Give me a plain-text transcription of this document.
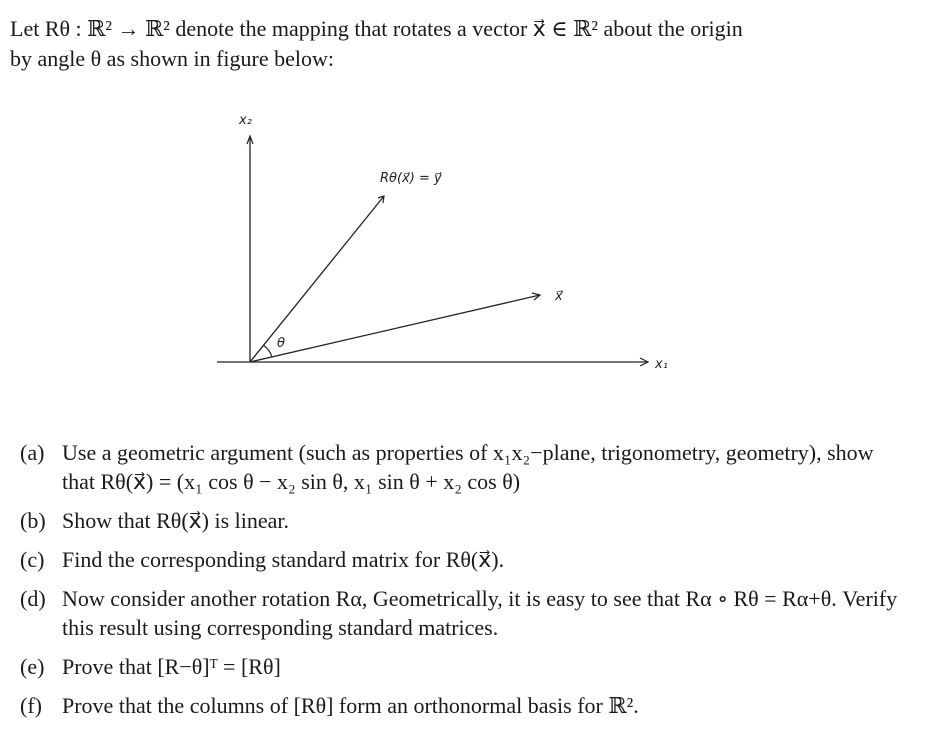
Let Rθ : ℝ² → ℝ² denote the mapping that rotates a vector x⃗ ∈ ℝ² about the origin
by angle θ as shown in figure below:
x₂
x₁
x⃗
Rθ(x⃗) = y⃗
θ
(a) Use a geometric argument (such as properties of x₁x₂−plane, trigonometry, geometry), show that Rθ(x⃗) = (x₁ cos θ − x₂ sin θ, x₁ sin θ + x₂ cos θ)
(b) Show that Rθ(x⃗) is linear.
(c) Find the corresponding standard matrix for Rθ(x⃗).
(d) Now consider another rotation Rα, Geometrically, it is easy to see that Rα ∘ Rθ = Rα+θ. Verify this result using corresponding standard matrices.
(e) Prove that [R−θ]ᵀ = [Rθ]
(f) Prove that the columns of [Rθ] form an orthonormal basis for ℝ².
